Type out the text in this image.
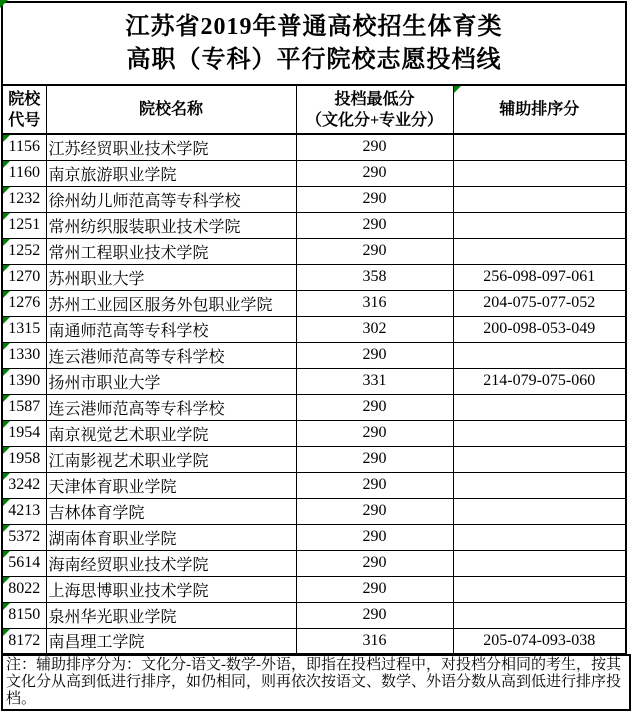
江苏省2019年普通高校招生体育类
高职（专科）平行院校志愿投档线			

院校
代号

院校名称

投档最低分
（文化分+专业分）

辅助排序分

1156	江苏经贸职业技术学院	290	

1160	南京旅游职业学院	290	

1232	徐州幼儿师范高等专科学校	290	

1251	常州纺织服装职业技术学院	290	

1252	常州工程职业技术学院	290	

1270	苏州职业大学	358	256-098-097-061

1276	苏州工业园区服务外包职业学院	316	204-075-077-052

1315	南通师范高等专科学校	302	200-098-053-049

1330	连云港师范高等专科学校	290	

1390	扬州市职业大学	331	214-079-075-060

1587	连云港师范高等专科学校	290	

1954	南京视觉艺术职业学院	290	

1958	江南影视艺术职业学院	290	

3242	天津体育职业学院	290	

4213	吉林体育学院	290	

5372	湖南体育职业学院	290	

5614	海南经贸职业技术学院	290	

8022	上海思博职业技术学院	290	

8150	泉州华光职业学院	290	

8172	南昌理工学院	316	205-074-093-038
注：辅助排序分为：文化分-语文-数学-外语，即指在投档过程中，对投档分相同的考生，按其文化分从高到低进行排序，如仍相同，则再依次按语文、数学、外语分数从高到低进行排序投档。
